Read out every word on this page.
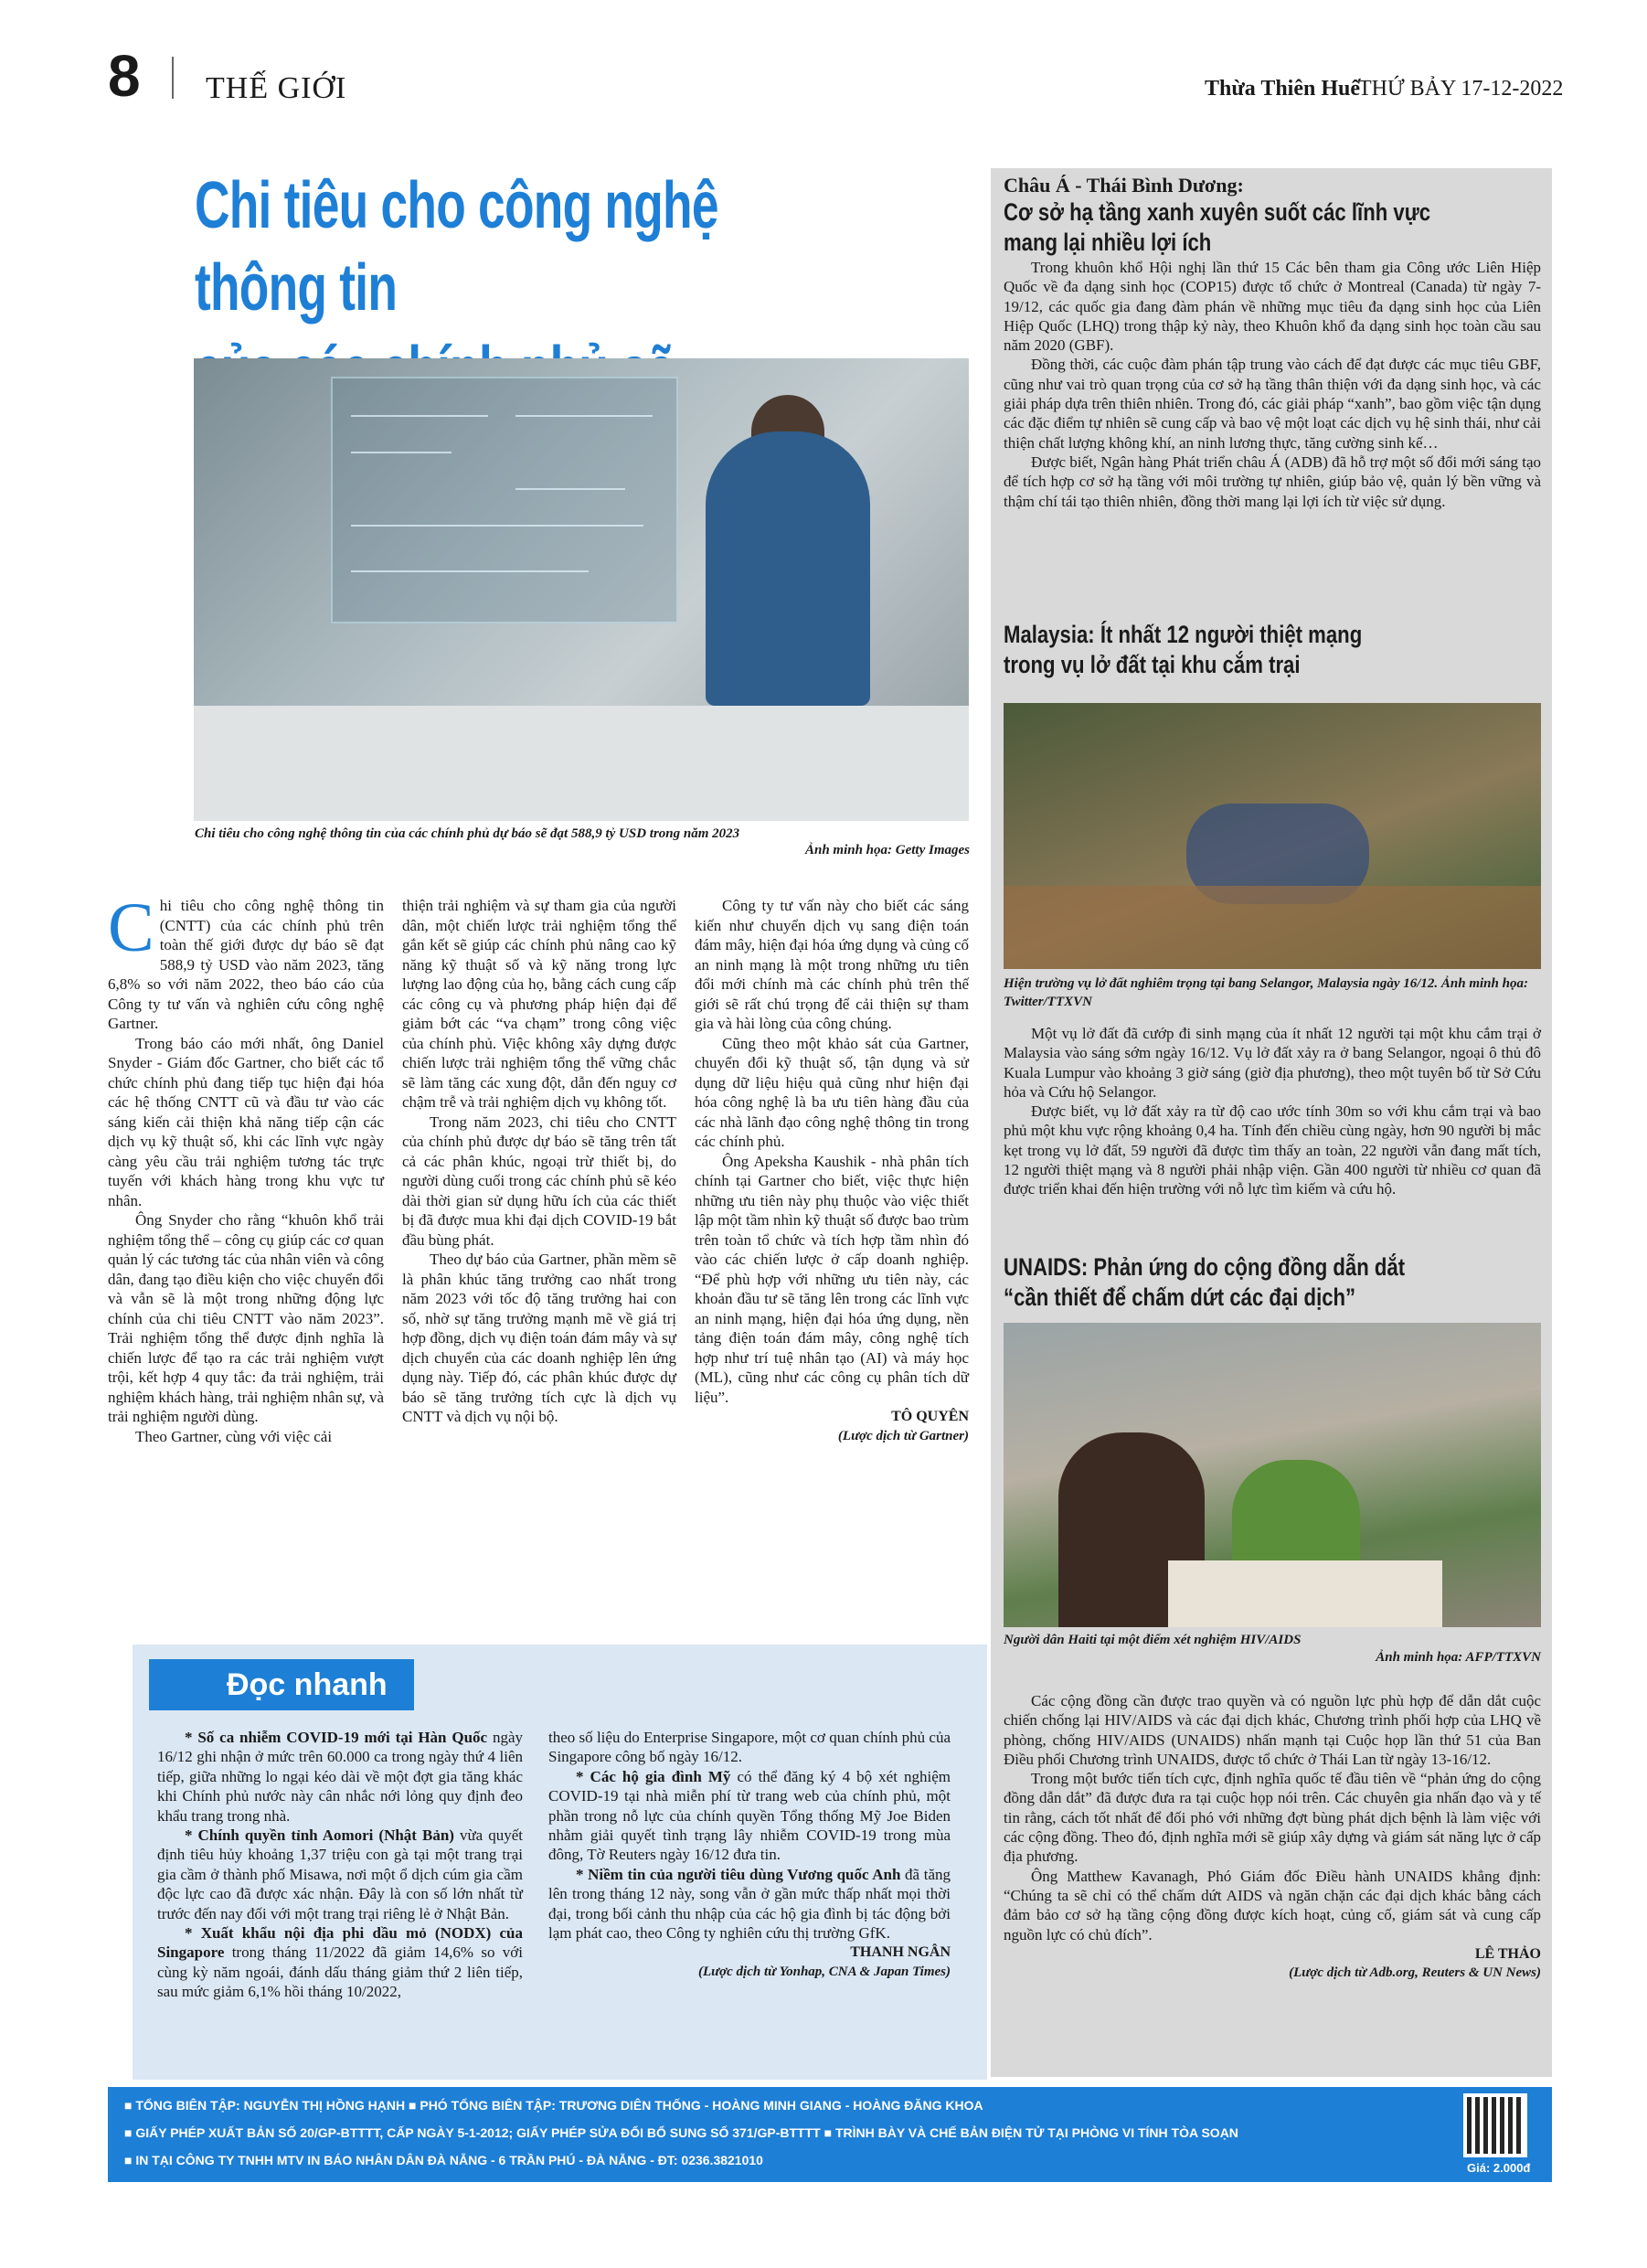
8 THẾ GIỚI	Thừa Thiên Huế
THỨ BẢY 17-12-2022
Chi tiêu cho công nghệ thông tin
Chi tiêu cho công nghệ thông tin của các chính phủ dự báo sẽ đạt 588,9 tỷ USD trong năm 2023
Ảnh minh họa: Getty Images
C hi tiêu cho công nghệ thông tin (CNTT) của các chính phủ trên toàn thế giới được dự báo sẽ đạt 588,9 tỷ USD vào năm 2023, tăng 6,8% so với năm 2022, theo báo cáo của Công ty tư vấn và nghiên cứu công nghệ Gartner.

Trong báo cáo mới nhất, ông Daniel Snyder - Giám đốc Gartner, cho biết các tổ chức chính phủ đang tiếp tục hiện đại hóa các hệ thống CNTT cũ và đầu tư vào các sáng kiến cải thiện khả năng tiếp cận các dịch vụ kỹ thuật số, khi các lĩnh vực ngày càng yêu cầu trải nghiệm tương tác trực tuyến với khách hàng trong khu vực tư nhân.

Ông Snyder cho rằng “khuôn khổ trải nghiệm tổng thể – công cụ giúp các cơ quan quản lý các tương tác của nhân viên và công dân, đang tạo điều kiện cho việc chuyển đổi và vẫn sẽ là một trong những động lực chính của chi tiêu CNTT vào năm 2023”. Trải nghiệm tổng thể được định nghĩa là chiến lược để tạo ra các trải nghiệm vượt trội, kết hợp 4 quy tắc: đa trải nghiệm, trải nghiệm khách hàng, trải nghiệm nhân sự, và trải nghiệm người dùng.

Theo Gartner, cùng với việc cải

thiện trải nghiệm và sự tham gia của người dân, một chiến lược trải nghiệm tổng thể gắn kết sẽ giúp các chính phủ nâng cao kỹ năng kỹ thuật số và kỹ năng trong lực lượng lao động của họ, bằng cách cung cấp các công cụ và phương pháp hiện đại để giảm bớt các “va chạm” trong công việc của chính phủ. Việc không xây dựng được chiến lược trải nghiệm tổng thể vững chắc sẽ làm tăng các xung đột, dẫn đến nguy cơ chậm trễ và trải nghiệm dịch vụ không tốt.

Trong năm 2023, chi tiêu cho CNTT của chính phủ được dự báo sẽ tăng trên tất cả các phân khúc, ngoại trừ thiết bị, do người dùng cuối trong các chính phủ sẽ kéo dài thời gian sử dụng hữu ích của các thiết bị đã được mua khi đại dịch COVID-19 bắt đầu bùng phát.

Theo dự báo của Gartner, phần mềm sẽ là phân khúc tăng trưởng cao nhất trong năm 2023 với tốc độ tăng trưởng hai con số, nhờ sự tăng trưởng mạnh mẽ về giá trị hợp đồng, dịch vụ điện toán đám mây và sự dịch chuyển của các doanh nghiệp lên ứng dụng này. Tiếp đó, các phân khúc được dự báo sẽ tăng trưởng tích cực là dịch vụ CNTT và dịch vụ nội bộ.

Công ty tư vấn này cho biết các sáng kiến như chuyển dịch vụ sang điện toán đám mây, hiện đại hóa ứng dụng và củng cố an ninh mạng là một trong những ưu tiên đổi mới chính mà các chính phủ trên thế giới sẽ rất chú trọng để cải thiện sự tham gia và hài lòng của công chúng.

Cũng theo một khảo sát của Gartner, chuyển đổi kỹ thuật số, tận dụng và sử dụng dữ liệu hiệu quả cũng như hiện đại hóa công nghệ là ba ưu tiên hàng đầu của các nhà lãnh đạo công nghệ thông tin trong các chính phủ.

Ông Apeksha Kaushik - nhà phân tích chính tại Gartner cho biết, việc thực hiện những ưu tiên này phụ thuộc vào việc thiết lập một tầm nhìn kỹ thuật số được bao trùm trên toàn tổ chức và tích hợp tầm nhìn đó vào các chiến lược ở cấp doanh nghiệp. “Để phù hợp với những ưu tiên này, các khoản đầu tư sẽ tăng lên trong các lĩnh vực an ninh mạng, hiện đại hóa ứng dụng, nền tảng điện toán đám mây, công nghệ tích hợp như trí tuệ nhân tạo (AI) và máy học (ML), cũng như các công cụ phân tích dữ liệu”.

TÔ QUYÊN
(Lược dịch từ Gartner)
Châu Á - Thái Bình Dương:
Cơ sở hạ tầng xanh xuyên suốt các lĩnh vực
mang lại nhiều lợi ích

Trong khuôn khổ Hội nghị lần thứ 15 Các bên tham gia Công ước Liên Hiệp Quốc về đa dạng sinh học (COP15) được tổ chức ở Montreal (Canada) từ ngày 7-19/12, các quốc gia đang đàm phán về những mục tiêu đa dạng sinh học của Liên Hiệp Quốc (LHQ) trong thập kỷ này, theo Khuôn khổ đa dạng sinh học toàn cầu sau năm 2020 (GBF).

Đồng thời, các cuộc đàm phán tập trung vào cách để đạt được các mục tiêu GBF, cũng như vai trò quan trọng của cơ sở hạ tầng thân thiện với đa dạng sinh học, và các giải pháp dựa trên thiên nhiên. Trong đó, các giải pháp “xanh”, bao gồm việc tận dụng các đặc điểm tự nhiên sẽ cung cấp và bao vệ một loạt các dịch vụ hệ sinh thái, như cải thiện chất lượng không khí, an ninh lương thực, tăng cường sinh kế…

Được biết, Ngân hàng Phát triển châu Á (ADB) đã hỗ trợ một số đổi mới sáng tạo để tích hợp cơ sở hạ tầng với môi trường tự nhiên, giúp bảo vệ, quản lý bền vững và thậm chí tái tạo thiên nhiên, đồng thời mang lại lợi ích từ việc sử dụng.

Malaysia: Ít nhất 12 người thiệt mạng
trong vụ lở đất tại khu cắm trại
Hiện trường vụ lở đất nghiêm trọng tại bang Selangor, Malaysia ngày 16/12. Ảnh minh họa: Twitter/TTXVN

Một vụ lở đất đã cướp đi sinh mạng của ít nhất 12 người tại một khu cắm trại ở Malaysia vào sáng sớm ngày 16/12. Vụ lở đất xảy ra ở bang Selangor, ngoại ô thủ đô Kuala Lumpur vào khoảng 3 giờ sáng (giờ địa phương), theo một tuyên bố từ Sở Cứu hỏa và Cứu hộ Selangor.

Được biết, vụ lở đất xảy ra từ độ cao ước tính 30m so với khu cắm trại và bao phủ một khu vực rộng khoảng 0,4 ha. Tính đến chiều cùng ngày, hơn 90 người bị mắc kẹt trong vụ lở đất, 59 người đã được tìm thấy an toàn, 22 người vẫn đang mất tích, 12 người thiệt mạng và 8 người phải nhập viện. Gần 400 người từ nhiều cơ quan đã được triển khai đến hiện trường với nỗ lực tìm kiếm và cứu hộ.

UNAIDS: Phản ứng do cộng đồng dẫn dắt
“cần thiết để chấm dứt các đại dịch”
Người dân Haiti tại một điểm xét nghiệm HIV/AIDS
Ảnh minh họa: AFP/TTXVN

Các cộng đồng cần được trao quyền và có nguồn lực phù hợp để dẫn dắt cuộc chiến chống lại HIV/AIDS và các đại dịch khác, Chương trình phối hợp của LHQ về phòng, chống HIV/AIDS (UNAIDS) nhấn mạnh tại Cuộc họp lần thứ 51 của Ban Điều phối Chương trình UNAIDS, được tổ chức ở Thái Lan từ ngày 13-16/12.

Trong một bước tiến tích cực, định nghĩa quốc tế đầu tiên về “phản ứng do cộng đồng dẫn dắt” đã được đưa ra tại cuộc họp nói trên. Các chuyên gia nhấn đạo và y tế tin rằng, cách tốt nhất để đối phó với những đợt bùng phát dịch bệnh là làm việc với các cộng đồng. Theo đó, định nghĩa mới sẽ giúp xây dựng và giám sát năng lực ở cấp địa phương.

Ông Matthew Kavanagh, Phó Giám đốc Điều hành UNAIDS khẳng định: “Chúng ta sẽ chỉ có thể chấm dứt AIDS và ngăn chặn các đại dịch khác bằng cách đảm bảo cơ sở hạ tầng cộng đồng được kích hoạt, củng cố, giám sát và cung cấp nguồn lực có chủ đích”.

LÊ THẢO
(Lược dịch từ Adb.org, Reuters & UN News)
Đọc nhanh

* Số ca nhiễm COVID-19 mới tại Hàn Quốc ngày 16/12 ghi nhận ở mức trên 60.000 ca trong ngày thứ 4 liên tiếp, giữa những lo ngại kéo dài về một đợt gia tăng khác khi Chính phủ nước này cân nhắc nới lỏng quy định đeo khẩu trang trong nhà.

* Chính quyền tỉnh Aomori (Nhật Bản) vừa quyết định tiêu hủy khoảng 1,37 triệu con gà tại một trang trại gia cầm ở thành phố Misawa, nơi một ổ dịch cúm gia cầm độc lực cao đã được xác nhận. Đây là con số lớn nhất từ trước đến nay đối với một trang trại riêng lẻ ở Nhật Bản.

* Xuất khẩu nội địa phi dầu mỏ (NODX) của Singapore trong tháng 11/2022 đã giảm 14,6% so với cùng kỳ năm ngoái, đánh dấu tháng giảm thứ 2 liên tiếp, sau mức giảm 6,1% hồi tháng 10/2022,

theo số liệu do Enterprise Singapore, một cơ quan chính phủ của Singapore công bố ngày 16/12.

* Các hộ gia đình Mỹ có thể đăng ký 4 bộ xét nghiệm COVID-19 tại nhà miễn phí từ trang web của chính phủ, một phần trong nỗ lực của chính quyền Tổng thống Mỹ Joe Biden nhằm giải quyết tình trạng lây nhiễm COVID-19 trong mùa đông, Tờ Reuters ngày 16/12 đưa tin.

* Niềm tin của người tiêu dùng Vương quốc Anh đã tăng lên trong tháng 12 này, song vẫn ở gần mức thấp nhất mọi thời đại, trong bối cảnh thu nhập của các hộ gia đình bị tác động bởi lạm phát cao, theo Công ty nghiên cứu thị trường GfK.

THANH NGÂN
(Lược dịch từ Yonhap, CNA & Japan Times)
■ TỔNG BIÊN TẬP: NGUYỄN THỊ HỒNG HẠNH ■ PHÓ TỔNG BIÊN TẬP: TRƯƠNG DIÊN THỐNG - HOÀNG MINH GIANG - HOÀNG ĐĂNG KHOA
■ GIẤY PHÉP XUẤT BẢN SỐ 20/GP-BTTTT, CẤP NGÀY 5-1-2012; GIẤY PHÉP SỬA ĐỔI BỔ SUNG SỐ 371/GP-BTTTT ■ TRÌNH BÀY VÀ CHẾ BẢN ĐIỆN TỬ TẠI PHÒNG VI TÍNH TÒA SOẠN
■ IN TẠI CÔNG TY TNHH MTV IN BÁO NHÂN DÂN ĐÀ NẴNG - 6 TRẦN PHÚ - ĐÀ NẴNG - ĐT: 0236.3821010
Giá: 2.000đ
